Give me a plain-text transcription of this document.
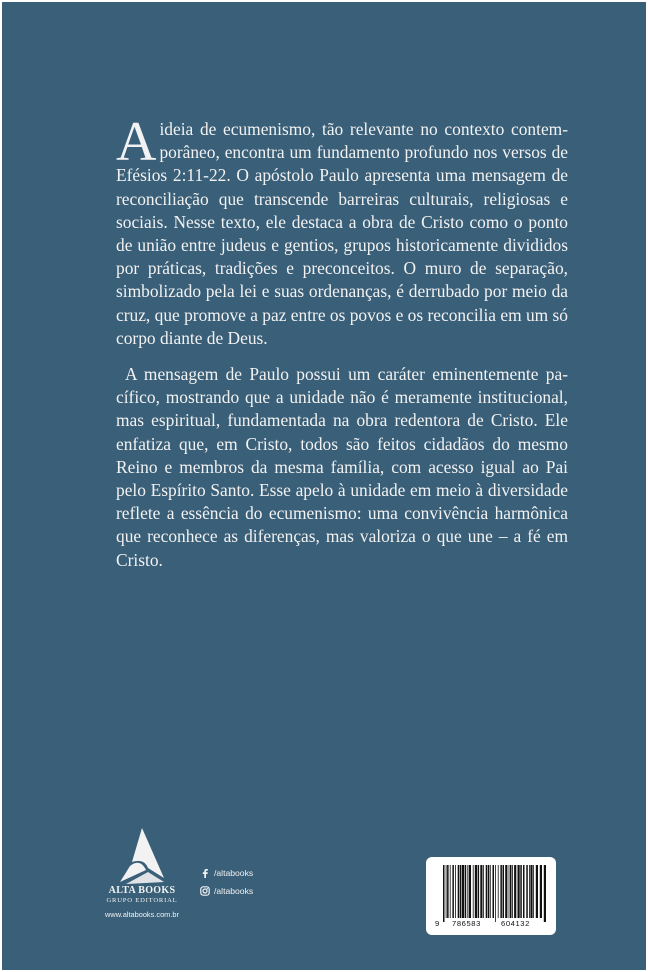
Aideia de ecumenismo, tão relevante no contexto contemporâneo, encontra um fundamento profundo nos versos de Efésios 2:11-22. O apóstolo Paulo apresenta uma mensagem de reconciliação que transcende barreiras culturais, religiosas e sociais. Nesse texto, ele destaca a obra de Cristo como o ponto de união entre judeus e gentios, grupos historicamente divididos por práticas, tradições e preconceitos. O muro de separação, simbolizado pela lei e suas ordenanças, é derrubado por meio da cruz, que promove a paz entre os povos e os reconcilia em um só corpo diante de Deus.

A mensagem de Paulo possui um caráter eminentemente pacífico, mostrando que a unidade não é meramente institucional, mas espiritual, fundamentada na obra redentora de Cristo. Ele enfatiza que, em Cristo, todos são feitos cidadãos do mesmo Reino e membros da mesma família, com acesso igual ao Pai pelo Espírito Santo. Esse apelo à unidade em meio à diversidade reflete a essência do ecumenismo: uma convivência harmônica que reconhece as diferenças, mas valoriza o que une – a fé em Cristo.

ALTA BOOKS
GRUPO EDITORIAL
www.altabooks.com.br
/altabooks
/altabooks
9 786583	604132
